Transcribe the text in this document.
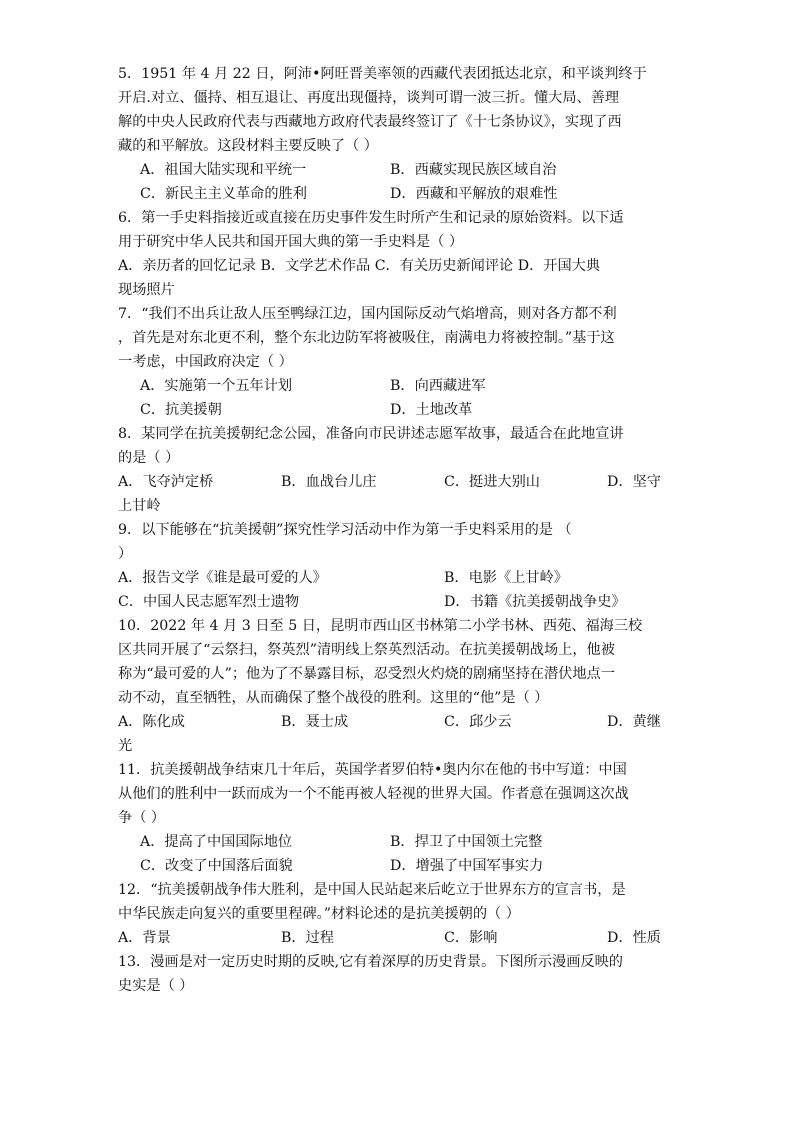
5．1951 年 4 月 22 日，阿沛•阿旺晋美率领的西藏代表团抵达北京，和平谈判终于
开启.对立、僵持、相互退让、再度出现僵持，谈判可谓一波三折。懂大局、善理
解的中央人民政府代表与西藏地方政府代表最终签订了《十七条协议》，实现了西
藏的和平解放。这段材料主要反映了（ ）
A．祖国大陆实现和平统一	B．西藏实现民族区域自治
C．新民主主义革命的胜利	D．西藏和平解放的艰难性
6．第一手史料指接近或直接在历史事件发生时所产生和记录的原始资料。以下适
用于研究中华人民共和国开国大典的第一手史料是（ ）
A．亲历者的回忆记录 B．文学艺术作品 C．有关历史新闻评论 D．开国大典
现场照片
7．“我们不出兵让敌人压至鸭绿江边，国内国际反动气焰增高，则对各方都不利
，首先是对东北更不利，整个东北边防军将被吸住，南满电力将被控制。”基于这
一考虑，中国政府决定（ ）
A．实施第一个五年计划	B．向西藏进军
C．抗美援朝	D．土地改革
8．某同学在抗美援朝纪念公园，准备向市民讲述志愿军故事，最适合在此地宣讲
的是（ ）
A．飞夺泸定桥	B．血战台儿庄	C．挺进大别山	D．坚守
上甘岭
9．以下能够在“抗美援朝”探究性学习活动中作为第一手史料采用的是 （
）
A．报告文学《谁是最可爱的人》	B．电影《上甘岭》
C．中国人民志愿军烈士遗物	D．书籍《抗美援朝战争史》
10．2022 年 4 月 3 日至 5 日，昆明市西山区书林第二小学书林、西苑、福海三校
区共同开展了“云祭扫，祭英烈”清明线上祭英烈活动。在抗美援朝战场上，他被
称为“最可爱的人”；他为了不暴露目标，忍受烈火灼烧的剧痛坚持在潜伏地点一
动不动，直至牺牲，从而确保了整个战役的胜利。这里的“他”是（ ）
A．陈化成	B．聂士成	C．邱少云	D．黄继
光
11．抗美援朝战争结束几十年后，英国学者罗伯特•奥内尔在他的书中写道：中国
从他们的胜利中一跃而成为一个不能再被人轻视的世界大国。作者意在强调这次战
争（ ）
A．提高了中国国际地位	B．捍卫了中国领土完整
C．改变了中国落后面貌	D．增强了中国军事实力
12．“抗美援朝战争伟大胜利，是中国人民站起来后屹立于世界东方的宣言书，是
中华民族走向复兴的重要里程碑。”材料论述的是抗美援朝的（ ）
A．背景	B．过程	C．影响	D．性质
13．漫画是对一定历史时期的反映,它有着深厚的历史背景。下图所示漫画反映的
史实是（ ）
